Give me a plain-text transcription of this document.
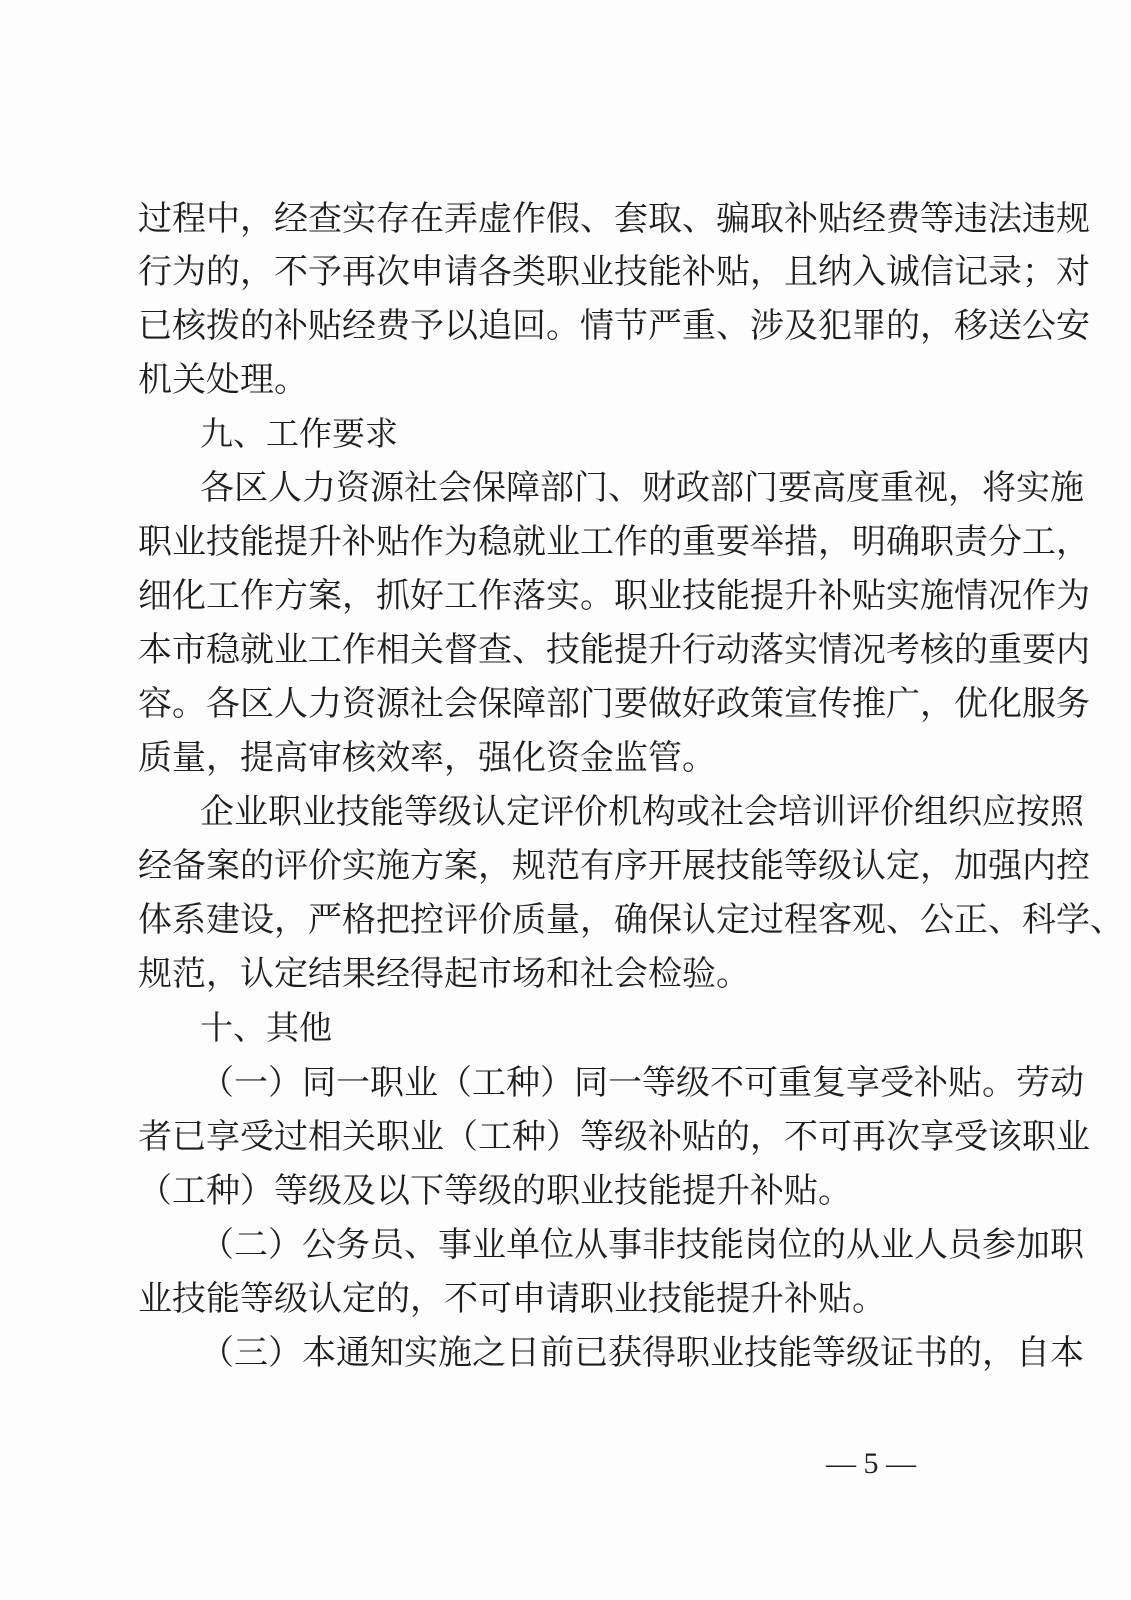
过程中，经查实存在弄虚作假、套取、骗取补贴经费等违法违规
行为的，不予再次申请各类职业技能补贴，且纳入诚信记录；对
已核拨的补贴经费予以追回。情节严重、涉及犯罪的，移送公安
机关处理。
九、工作要求
各区人力资源社会保障部门、财政部门要高度重视，将实施
职业技能提升补贴作为稳就业工作的重要举措，明确职责分工，
细化工作方案，抓好工作落实。职业技能提升补贴实施情况作为
本市稳就业工作相关督查、技能提升行动落实情况考核的重要内
容。各区人力资源社会保障部门要做好政策宣传推广，优化服务
质量，提高审核效率，强化资金监管。
企业职业技能等级认定评价机构或社会培训评价组织应按照
经备案的评价实施方案，规范有序开展技能等级认定，加强内控
体系建设，严格把控评价质量，确保认定过程客观、公正、科学、
规范，认定结果经得起市场和社会检验。
十、其他
（一）同一职业（工种）同一等级不可重复享受补贴。劳动
者已享受过相关职业（工种）等级补贴的，不可再次享受该职业
（工种）等级及以下等级的职业技能提升补贴。
（二）公务员、事业单位从事非技能岗位的从业人员参加职
业技能等级认定的，不可申请职业技能提升补贴。
（三）本通知实施之日前已获得职业技能等级证书的，自本
— 5 —
